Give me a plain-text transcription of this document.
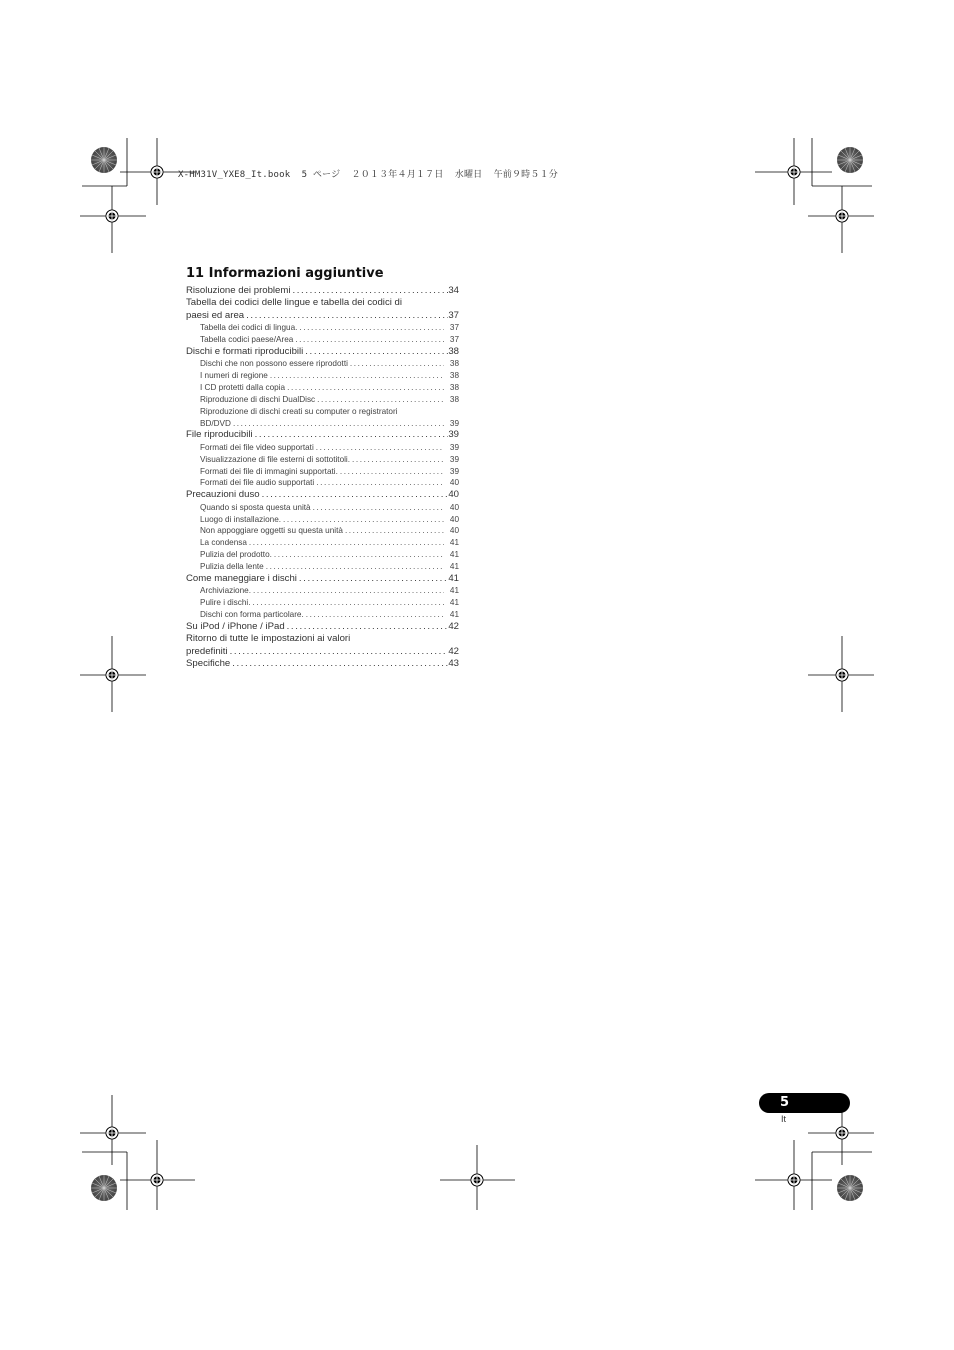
X-HM31V_YXE8_It.book  5 ページ  ２０１３年４月１７日  水曜日  午前９時５１分
11 Informazioni aggiuntive
Risoluzione dei problemi .....	34
Tabella dei codici delle lingue e tabella dei codici di
paesi ed area .....	37
Tabella dei codici di lingua. .....	37
Tabella codici paese/Area .....	37
Dischi e formati riproducibili .....	38
Dischi che non possono essere riprodotti .....	38
I numeri di regione .....	38
I CD protetti dalla copia .....	38
Riproduzione di dischi DualDisc .....	38
Riproduzione di dischi creati su computer o registratori
BD/DVD .....	39
File riproducibili .....	39
Formati dei file video supportati .....	39
Visualizzazione di file esterni di sottotitoli. .....	39
Formati dei file di immagini supportati. .....	39
Formati dei file audio supportati .....	40
Precauzioni duso .....	40
Quando si sposta questa unità .....	40
Luogo di installazione. .....	40
Non appoggiare oggetti su questa unità .....	40
La condensa .....	41
Pulizia del prodotto. .....	41
Pulizia della lente .....	41
Come maneggiare i dischi .....	41
Archiviazione. .....	41
Pulire i dischi. .....	41
Dischi con forma particolare. .....	41
Su iPod / iPhone / iPad .....	42
Ritorno di tutte le impostazioni ai valori
predefiniti .....	42
Specifiche .....	43
5
It
